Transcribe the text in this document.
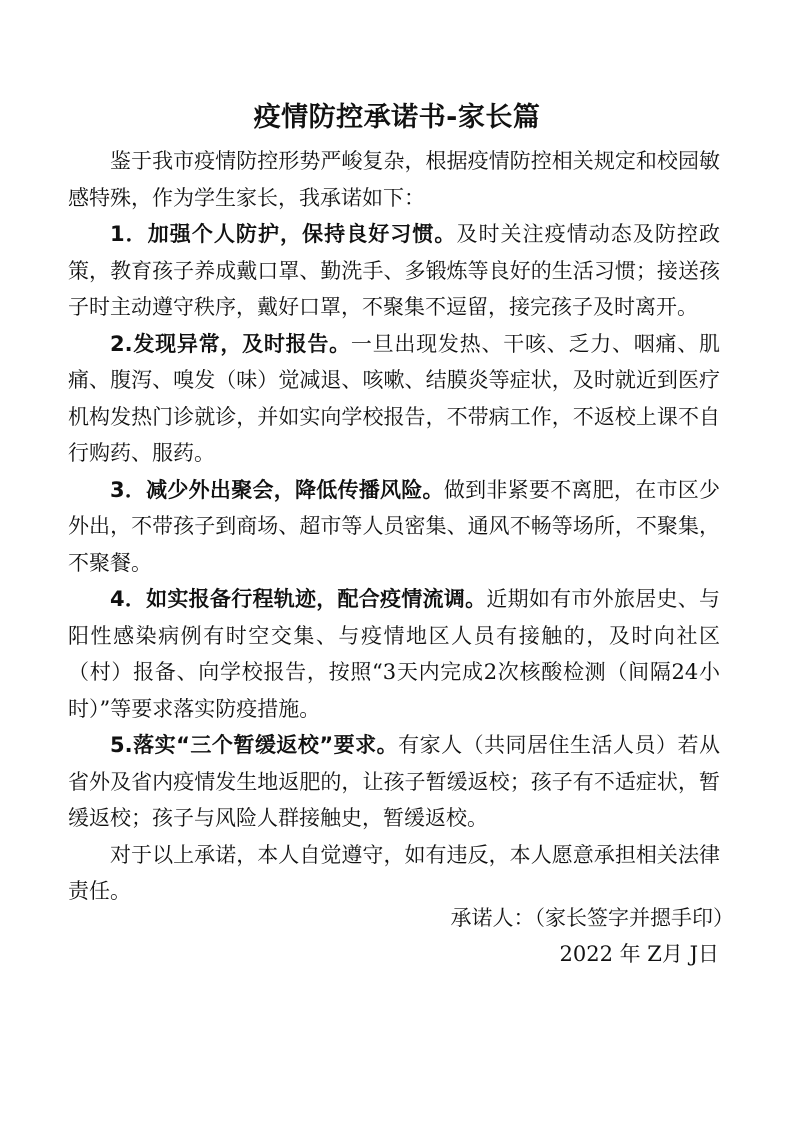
疫情防控承诺书-家长篇

鉴于我市疫情防控形势严峻复杂，根据疫情防控相关规定和校园敏感特殊，作为学生家长，我承诺如下：

1．加强个人防护，保持良好习惯。及时关注疫情动态及防控政策，教育孩子养成戴口罩、勤洗手、多锻炼等良好的生活习惯；接送孩子时主动遵守秩序，戴好口罩，不聚集不逗留，接完孩子及时离开。

2.发现异常，及时报告。一旦出现发热、干咳、乏力、咽痛、肌痛、腹泻、嗅发（味）觉减退、咳嗽、结膜炎等症状，及时就近到医疗机构发热门诊就诊，并如实向学校报告，不带病工作，不返校上课不自行购药、服药。

3．减少外出聚会，降低传播风险。做到非紧要不离肥，在市区少外出，不带孩子到商场、超市等人员密集、通风不畅等场所，不聚集，不聚餐。

4．如实报备行程轨迹，配合疫情流调。近期如有市外旅居史、与阳性感染病例有时空交集、与疫情地区人员有接触的，及时向社区（村）报备、向学校报告，按照“3天内完成2次核酸检测（间隔24小时）”等要求落实防疫措施。

5.落实“三个暂缓返校”要求。有家人（共同居住生活人员）若从省外及省内疫情发生地返肥的，让孩子暂缓返校；孩子有不适症状，暂缓返校；孩子与风险人群接触史，暂缓返校。

对于以上承诺，本人自觉遵守，如有违反，本人愿意承担相关法律责任。

承诺人：（家长签字并摁手印）
2022 年 Z月 J日
